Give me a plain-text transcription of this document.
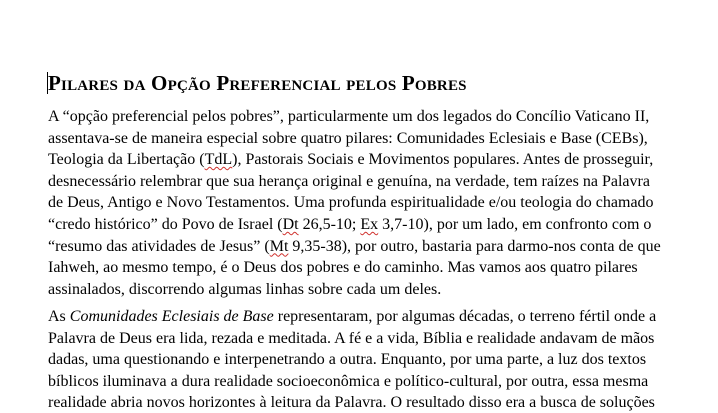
Pilares da Opção Preferencial pelos Pobres

A “opção preferencial pelos pobres”, particularmente um dos legados do Concílio Vaticano II,
assentava-se de maneira especial sobre quatro pilares: Comunidades Eclesiais e Base (CEBs),
Teologia da Libertação (TdL), Pastorais Sociais e Movimentos populares. Antes de prosseguir,
desnecessário relembrar que sua herança original e genuína, na verdade, tem raízes na Palavra
de Deus, Antigo e Novo Testamentos. Uma profunda espiritualidade e/ou teologia do chamado
“credo histórico” do Povo de Israel (Dt 26,5-10; Ex 3,7-10), por um lado, em confronto com o
“resumo das atividades de Jesus” (Mt 9,35-38), por outro, bastaria para darmo-nos conta de que
Iahweh, ao mesmo tempo, é o Deus dos pobres e do caminho. Mas vamos aos quatro pilares
assinalados, discorrendo algumas linhas sobre cada um deles.

As Comunidades Eclesiais de Base representaram, por algumas décadas, o terreno fértil onde a
Palavra de Deus era lida, rezada e meditada. A fé e a vida, Bíblia e realidade andavam de mãos
dadas, uma questionando e interpenetrando a outra. Enquanto, por uma parte, a luz dos textos
bíblicos iluminava a dura realidade socioeconômica e político-cultural, por outra, essa mesma
realidade abria novos horizontes à leitura da Palavra. O resultado disso era a busca de soluções
